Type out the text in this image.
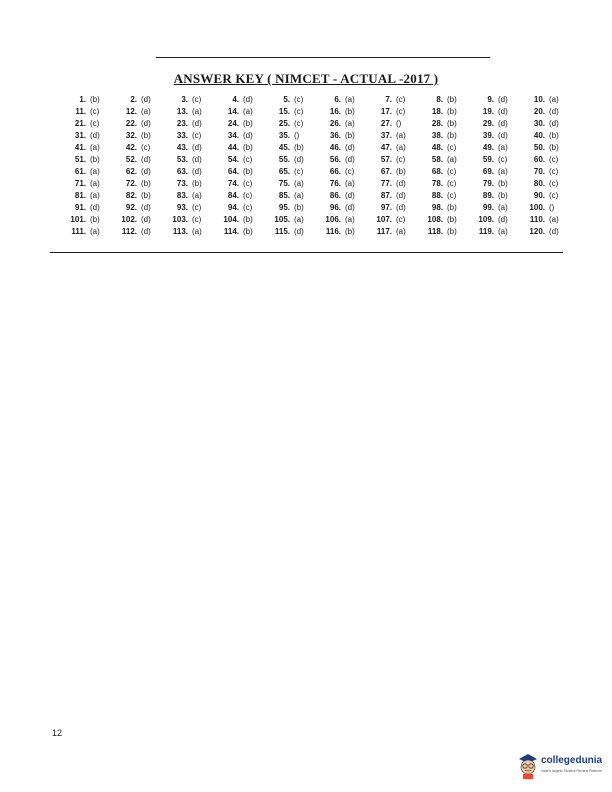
ANSWER KEY ( NIMCET - ACTUAL -2017 )
1. (b)	2. (d)	3. (c)	4. (d)	5. (c)	6. (a)	7. (c)	8. (b)	9. (d)	10. (a)
11. (c)	12. (a)	13. (a)	14. (a)	15. (c)	16. (b)	17. (c)	18. (b)	19. (d)	20. (d)
21. (c)	22. (d)	23. (d)	24. (b)	25. (c)	26. (a)	27. ()	28. (b)	29. (d)	30. (d)
31. (d)	32. (b)	33. (c)	34. (d)	35. ()	36. (b)	37. (a)	38. (b)	39. (d)	40. (b)
41. (a)	42. (c)	43. (d)	44. (b)	45. (b)	46. (d)	47. (a)	48. (c)	49. (a)	50. (b)
51. (b)	52. (d)	53. (d)	54. (c)	55. (d)	56. (d)	57. (c)	58. (a)	59. (c)	60. (c)
61. (a)	62. (d)	63. (d)	64. (b)	65. (c)	66. (c)	67. (b)	68. (c)	69. (a)	70. (c)
71. (a)	72. (b)	73. (b)	74. (c)	75. (a)	76. (a)	77. (d)	78. (c)	79. (b)	80. (c)
81. (a)	82. (b)	83. (a)	84. (c)	85. (a)	86. (d)	87. (d)	88. (c)	89. (b)	90. (c)
91. (d)	92. (d)	93. (c)	94. (c)	95. (b)	96. (d)	97. (d)	98. (b)	99. (a)	100. ()
101. (b)	102. (d)	103. (c)	104. (b)	105. (a)	106. (a)	107. (c)	108. (b)	109. (d)	110. (a)
111. (a)	112. (d)	113. (a)	114. (b)	115. (d)	116. (b)	117. (a)	118. (b)	119. (a)	120. (d)
12
collegedunia
India's largest Student Review Platform
